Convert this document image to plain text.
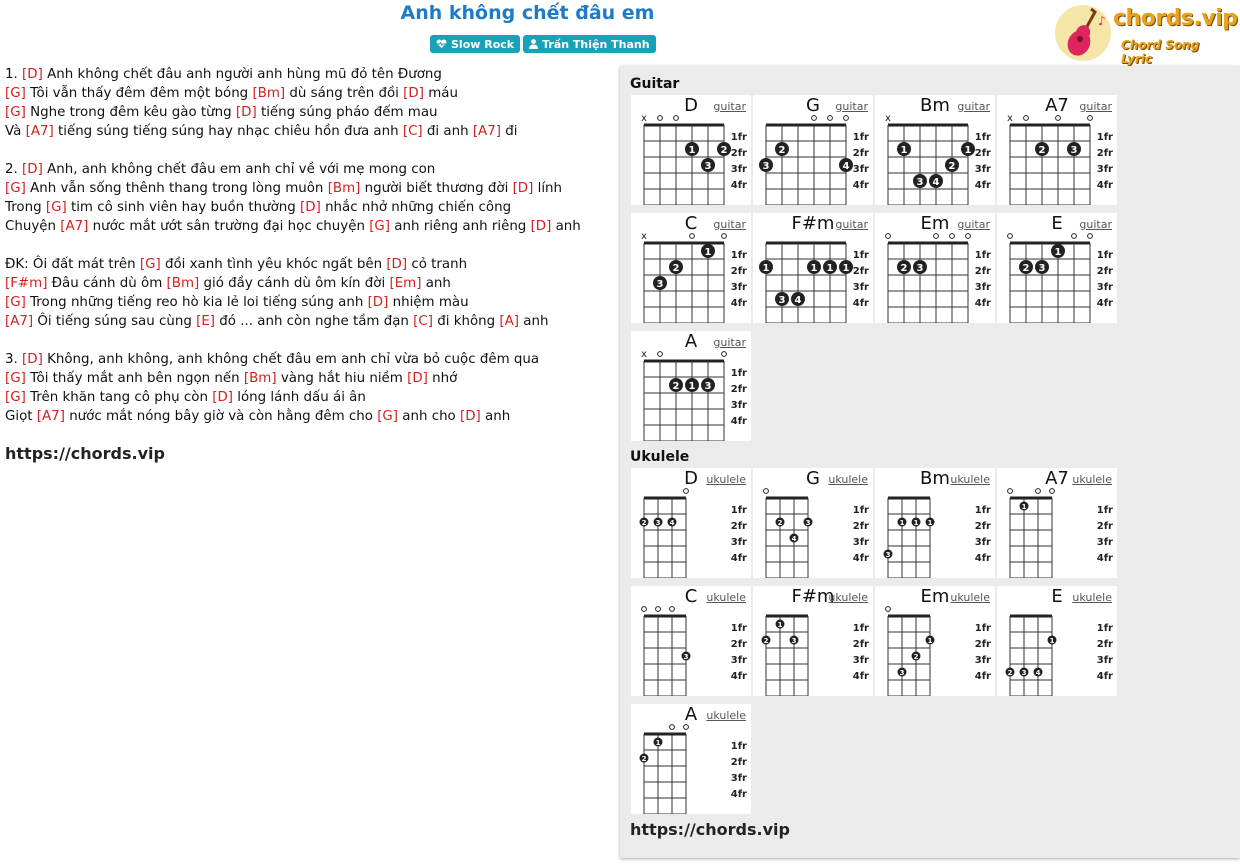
Anh không chết đâu em
Slow Rock	Trần Thiện Thanh
♪ chords.vip
Chord Song Lyric
1. [D] Anh không chết đâu anh người anh hùng mũ đỏ tên Đương
[G] Tôi vẫn thấy đêm đêm một bóng [Bm] dù sáng trên đồi [D] máu
[G] Nghe trong đêm kêu gào từng [D] tiếng súng pháo đếm mau
Và [A7] tiếng súng tiếng súng hay nhạc chiêu hồn đưa anh [C] đi anh [A7] đi
2. [D] Anh, anh không chết đâu em anh chỉ về với mẹ mong con
[G] Anh vẫn sống thênh thang trong lòng muôn [Bm] người biết thương đời [D] lính
Trong [G] tim cô sinh viên hay buồn thường [D] nhắc nhở những chiến công
Chuyện [A7] nước mắt ướt sân trường đại học chuyện [G] anh riêng anh riêng [D] anh
ĐK: Ôi đất mát trên [G] đồi xanh tình yêu khóc ngất bên [D] cỏ tranh
[F#m] Đâu cánh dù ôm [Bm] gió đầy cánh dù ôm kín đời [Em] anh
[G] Trong những tiếng reo hò kia lẻ loi tiếng súng anh [D] nhiệm màu
[A7] Ôi tiếng súng sau cùng [E] đó ... anh còn nghe tầm đạn [C] đi không [A] anh
3. [D] Không, anh không, anh không chết đâu em anh chỉ vừa bỏ cuộc đêm qua
[G] Tôi thấy mắt anh bên ngọn nến [Bm] vàng hắt hiu niềm [D] nhớ
[G] Trên khăn tang cô phụ còn [D] lóng lánh dấu ái ân
Giọt [A7] nước mắt nóng bây giờ và còn hằng đêm cho [G] anh cho [D] anh
https://chords.vip
Guitar
D	guitar
x
1	2
3
1fr
2fr
3fr
4fr
G	guitar
2
3	4
1fr
2fr
3fr
4fr
Bm guitar
x
1	1
2
3 4
1fr
2fr
3fr
4fr
A7 guitar
x
2	3
1fr
2fr
3fr
4fr
C	guitar
x
1
2
3
1fr
2fr
3fr
4fr
F#m guitar
1	1 1 1
3 4
1fr
2fr
3fr
4fr
Em guitar
2 3
1fr
2fr
3fr
4fr
E	guitar
1
2 3
1fr
2fr
3fr
4fr
A	guitar
x
2 1 3
1fr
2fr
3fr
4fr
Ukulele
D ukulele
2 3 4
1fr
2fr
3fr
4fr
G ukulele
2	3
4
1fr
2fr
3fr
4fr
Bm ukulele
1 1 1
3
1fr
2fr
3fr
4fr
A7 ukulele
1	1fr
2fr
3fr
4fr
C ukulele
3
1fr
2fr
3fr
4fr
F#m
ukulele
1
2	3
1fr
2fr
3fr
4fr
Em ukulele
1
2
3
1fr
2fr
3fr
4fr
E ukulele
1
2 3 4
1fr
2fr
3fr
4fr
A ukulele
1
2
1fr
2fr
3fr
4fr
https://chords.vip
